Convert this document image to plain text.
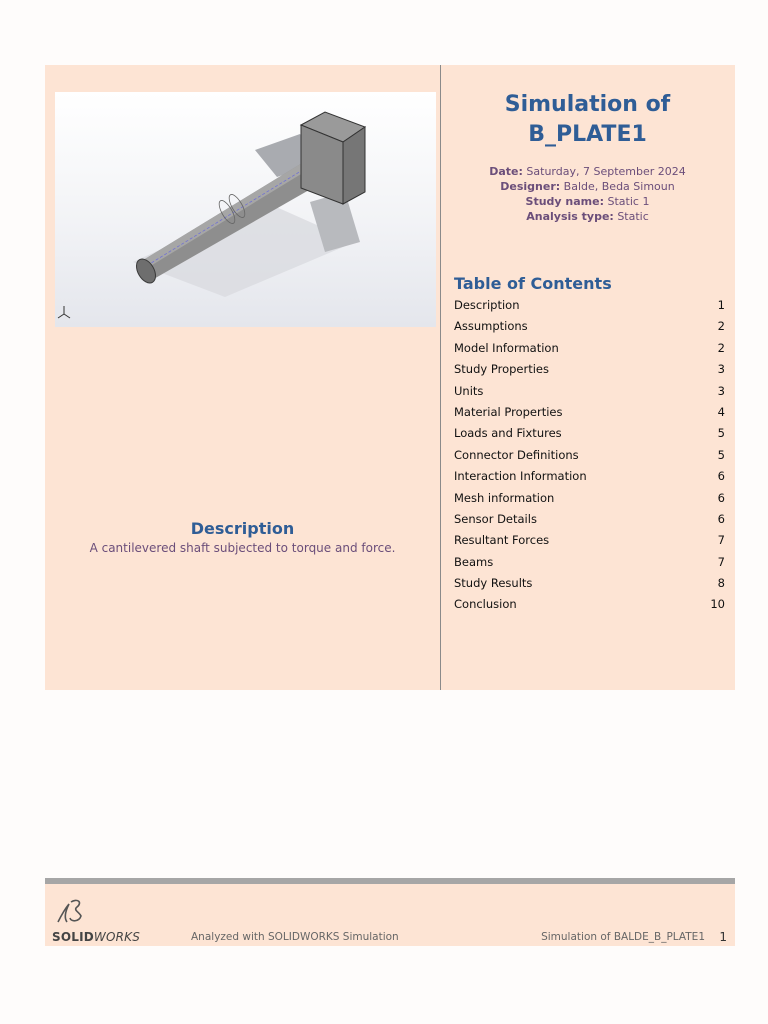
Description
A cantilevered shaft subjected to torque and force.
Simulation of B_PLATE1
Date: Saturday, 7 September 2024
Designer: Balde, Beda Simoun
Study name: Static 1
Analysis type: Static
Table of Contents
Description	1
Assumptions	2
Model Information	2
Study Properties	3
Units	3
Material Properties	4
Loads and Fixtures	5
Connector Definitions	5
Interaction Information	6
Mesh information	6
Sensor Details	6
Resultant Forces	7
Beams	7
Study Results	8
Conclusion	10
SOLIDWORKS	Analyzed with SOLIDWORKS Simulation	Simulation of BALDE_B_PLATE1 1
